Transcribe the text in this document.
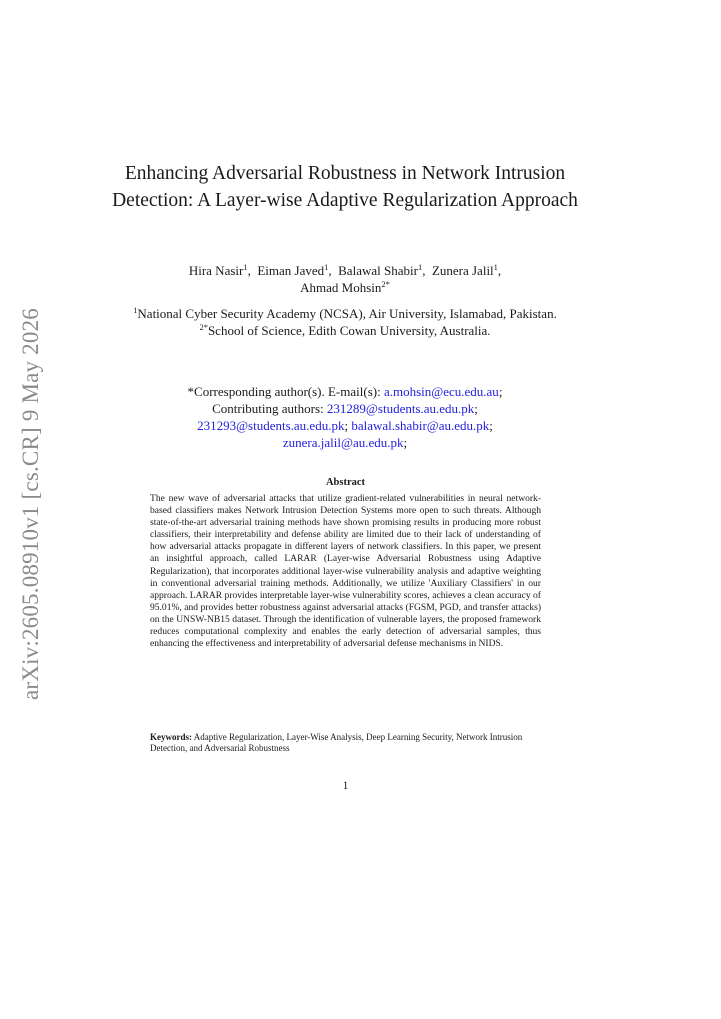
arXiv:2605.08910v1 [cs.CR] 9 May 2026
Enhancing Adversarial Robustness in Network Intrusion Detection: A Layer-wise Adaptive Regularization Approach
Hira Nasir$^1$, Eiman Javed$^1$, Balawal Shabir$^1$, Zunera Jalil$^1$,
Ahmad Mohsin$^{2*}$
$^1$National Cyber Security Academy (NCSA), Air University, Islamabad, Pakistan.
$^{2*}$School of Science, Edith Cowan University, Australia.
*Corresponding author(s). E-mail(s): a.mohsin@ecu.edu.au;
Contributing authors: 231289@students.au.edu.pk;
231293@students.au.edu.pk; balawal.shabir@au.edu.pk;
zunera.jalil@au.edu.pk;
Abstract
The new wave of adversarial attacks that utilize gradient-related vulnerabilities in neural network-based classifiers makes Network Intrusion Detection Systems more open to such threats. Although state-of-the-art adversarial training methods have shown promising results in producing more robust classifiers, their interpretability and defense ability are limited due to their lack of understanding of how adversarial attacks propagate in different layers of network classifiers. In this paper, we present an insightful approach, called LARAR (Layer-wise Adversarial Robustness using Adaptive Regularization), that incorporates additional layer-wise vulnerability analysis and adaptive weighting in conventional adversarial training methods. Additionally, we utilize 'Auxiliary Classifiers' in our approach. LARAR provides interpretable layer-wise vulnerability scores, achieves a clean accuracy of 95.01%, and provides better robustness against adversarial attacks (FGSM, PGD, and transfer attacks) on the UNSW-NB15 dataset. Through the identification of vulnerable layers, the proposed framework reduces computational complexity and enables the early detection of adversarial samples, thus enhancing the effectiveness and interpretability of adversarial defense mechanisms in NIDS.
Keywords: Adaptive Regularization, Layer-Wise Analysis, Deep Learning Security, Network Intrusion Detection, and Adversarial Robustness
1
